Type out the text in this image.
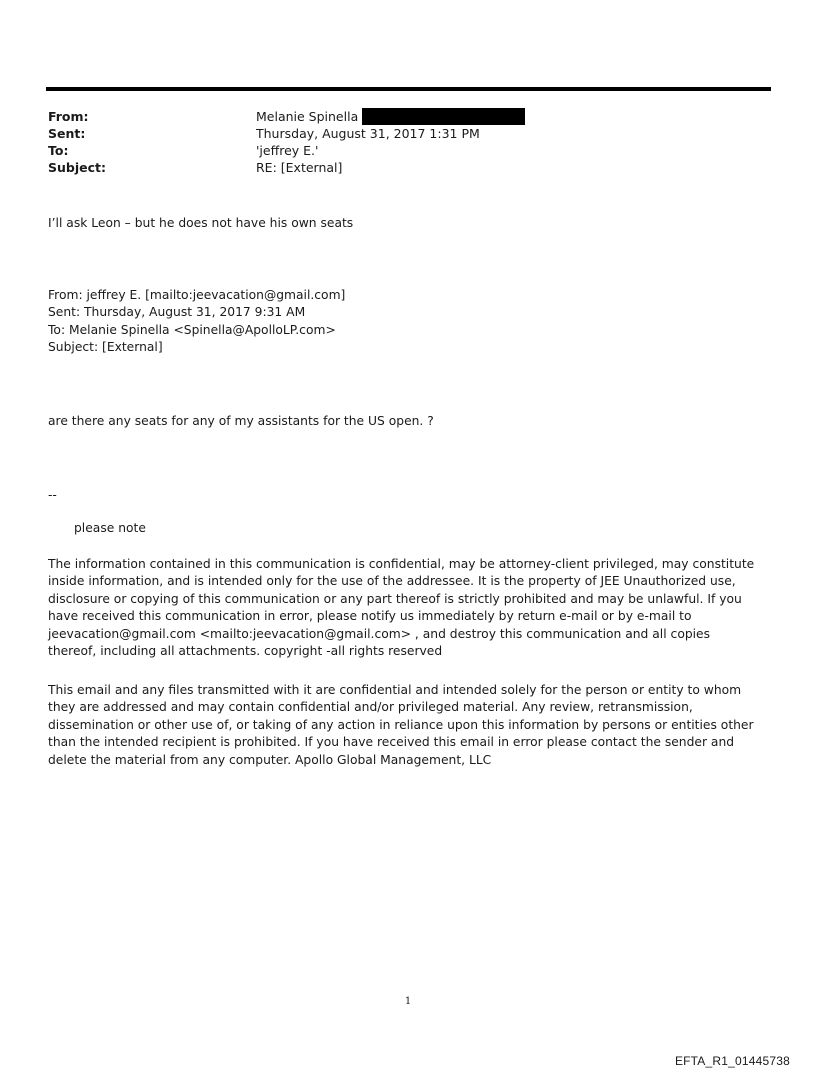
From:	Melanie Spinella
Sent:	Thursday, August 31, 2017 1:31 PM
To:	'jeffrey E.'
Subject:	RE: [External]
I’ll ask Leon – but he does not have his own seats
From: jeffrey E. [mailto:jeevacation@gmail.com]
Sent: Thursday, August 31, 2017 9:31 AM
To: Melanie Spinella <Spinella@ApolloLP.com>
Subject: [External]
are there any seats for any of my assistants for the US open. ?
--
please note
The information contained in this communication is confidential, may be attorney-client privileged, may constitute inside information, and is intended only for the use of the addressee. It is the property of JEE Unauthorized use, disclosure or copying of this communication or any part thereof is strictly prohibited and may be unlawful. If you have received this communication in error, please notify us immediately by return e-mail or by e-mail to jeevacation@gmail.com <mailto:jeevacation@gmail.com> , and destroy this communication and all copies thereof, including all attachments. copyright -all rights reserved
This email and any files transmitted with it are confidential and intended solely for the person or entity to whom they are addressed and may contain confidential and/or privileged material. Any review, retransmission, dissemination or other use of, or taking of any action in reliance upon this information by persons or entities other than the intended recipient is prohibited. If you have received this email in error please contact the sender and delete the material from any computer. Apollo Global Management, LLC
1
EFTA_R1_01445738
